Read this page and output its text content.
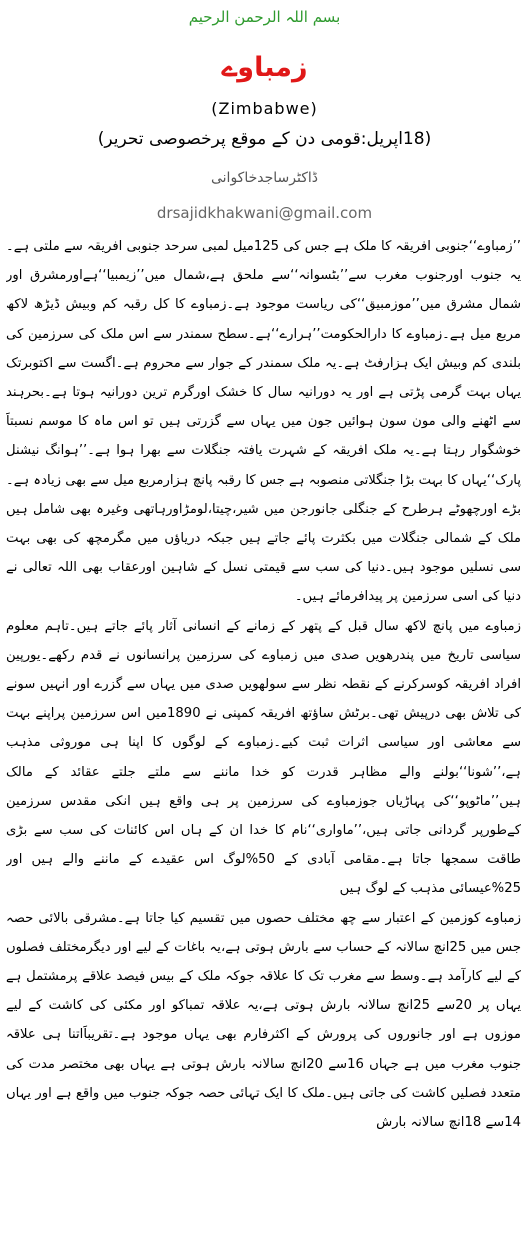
بسم اللہ الرحمن الرحیم
زمباوے
(Zimbabwe)
(18اپریل:قومی دن کے موقع پرخصوصی تحریر)
ڈاکٹرساجدخاکوانی
drsajidkhakwani@gmail.com

’’زمباوے‘‘جنوبی افریقہ کا ملک ہے جس کی 125میل لمبی سرحد جنوبی افریقہ سے ملتی ہے۔یہ جنوب اورجنوب مغرب سے’’بٹسوانہ‘‘سے ملحق ہے،شمال میں’’زیمبیا‘‘ہےاورمشرق اور شمال مشرق میں’’موزمبیق‘‘کی ریاست موجود ہے۔زمباوے کا کل رقبہ کم وبیش ڈیڑھ لاکھ مربع میل ہے۔زمباوے کا دارالحکومت’’ہرارے‘‘ہے۔سطح سمندر سے اس ملک کی سرزمین کی بلندی کم وبیش ایک ہزارفٹ ہے۔یہ ملک سمندر کے جوار سے محروم ہے۔اگست سے اکتوبرتک یہاں بہت گرمی پڑتی ہے اور یہ دورانیہ سال کا خشک اورگرم ترین دورانیہ ہوتا ہے۔بحرہند سے اٹھنے والی مون سون ہوائیں جون میں یہاں سے گزرتی ہیں تو اس ماہ کا موسم نسبتاََ خوشگوار رہتا ہے۔یہ ملک افریقہ کے شہرت یافتہ جنگلات سے بھرا ہوا ہے۔’’ہوانگ نیشنل پارک‘‘یہاں کا بہت بڑا جنگلاتی منصوبہ ہے جس کا رقبہ پانچ ہزارمربع میل سے بھی زیادہ ہے۔بڑے اورچھوٹے ہرطرح کے جنگلی جانورجن میں شیر،چیتا،لومڑاورہاتھی وغیرہ بھی شامل ہیں ملک کے شمالی جنگلات میں بکثرت پائے جاتے ہیں جبکہ دریاؤں میں مگرمچھ کی بھی بہت سی نسلیں موجود ہیں۔دنیا کی سب سے قیمتی نسل کے شاہین اورعقاب بھی اللہ تعالی نے دنیا کی اسی سرزمین پر پیدافرمائے ہیں۔

زمباوے میں پانچ لاکھ سال قبل کے پتھر کے زمانے کے انسانی آثار پائے جاتے ہیں۔تاہم معلوم سیاسی تاریخ میں پندرھویں صدی میں زمباوے کی سرزمین پرانسانوں نے قدم رکھے۔یورپین افراد افریقہ کوسرکرنے کے نقطہ نظر سے سولھویں صدی میں یہاں سے گزرے اور انہیں سونے کی تلاش بھی درپیش تھی۔برٹش ساؤتھ افریقہ کمپنی نے 1890میں اس سرزمین پراپنے بہت سے معاشی اور سیاسی اثرات ثبت کیے۔زمباوے کے لوگوں کا اپنا ہی موروثی مذہب ہے،’’شونا‘‘بولنے والے مظاہر قدرت کو خدا ماننے سے ملتے جلتے عقائد کے مالک ہیں’’ماٹوپو‘‘کی پہاڑیاں جوزمباوے کی سرزمین پر ہی واقع ہیں انکی مقدس سرزمین کےطورپر گردانی جاتی ہیں،’’ماواری‘‘نام کا خدا ان کے ہاں اس کائنات کی سب سے بڑی طاقت سمجھا جاتا ہے۔مقامی آبادی کے 50%لوگ اس عقیدے کے ماننے والے ہیں اور 25%عیسائی مذہب کے لوگ ہیں

زمباوے کوزمین کے اعتبار سے چھ مختلف حصوں میں تقسیم کیا جاتا ہے۔مشرقی بالائی حصہ جس میں 25انچ سالانہ کے حساب سے بارش ہوتی ہے،یہ باغات کے لیے اور دیگرمختلف فصلوں کے لیے کارآمد ہے۔وسط سے مغرب تک کا علاقہ جوکہ ملک کے بیس فیصد علاقے پرمشتمل ہے یہاں پر 20سے 25انچ سالانہ بارش ہوتی ہے،یہ علاقہ تمباکو اور مکئی کی کاشت کے لیے موزوں ہے اور جانوروں کی پرورش کے اکثرفارم بھی یہاں موجود ہے۔تقریباََاتنا ہی علاقہ جنوب مغرب میں ہے جہاں 16سے 20انچ سالانہ بارش ہوتی ہے یہاں بھی مختصر مدت کی متعدد فصلیں کاشت کی جاتی ہیں۔ملک کا ایک تہائی حصہ جوکہ جنوب میں واقع ہے اور یہاں 14سے 18انچ سالانہ بارش
